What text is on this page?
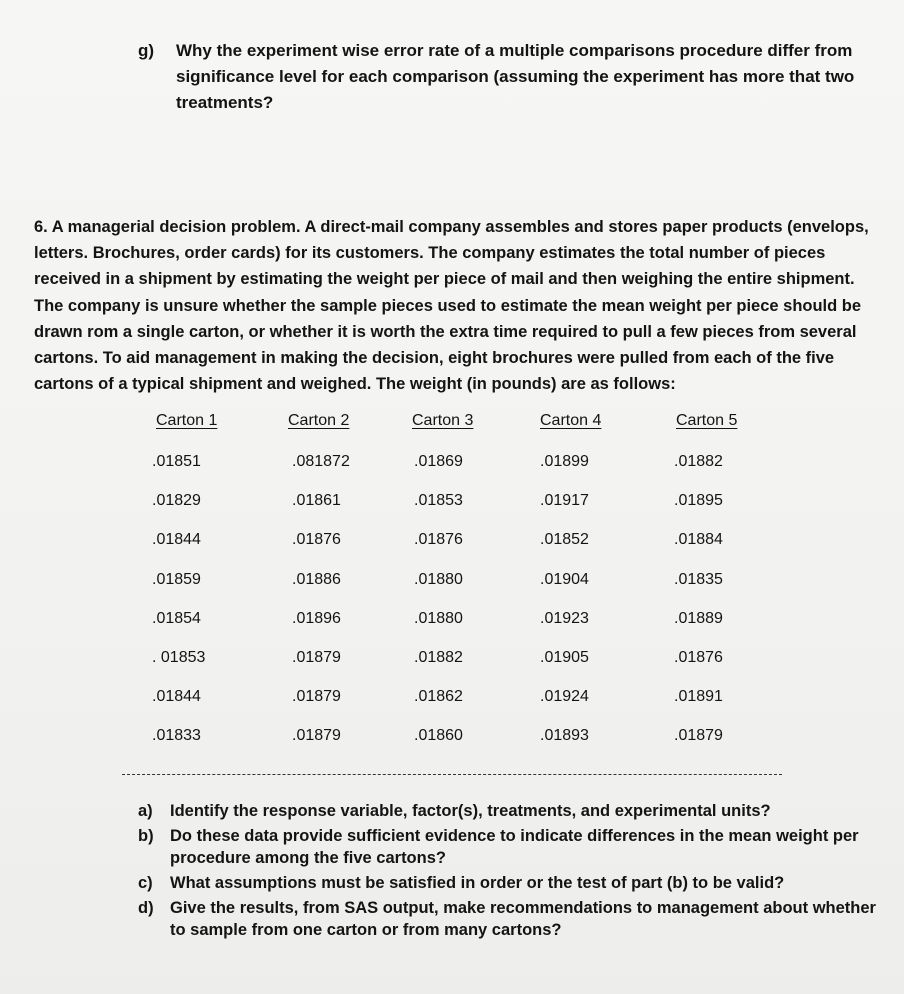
g) Why the experiment wise error rate of a multiple comparisons procedure differ from significance level for each comparison (assuming the experiment has more that two treatments?
6. A managerial decision problem. A direct-mail company assembles and stores paper products (envelops, letters. Brochures, order cards) for its customers. The company estimates the total number of pieces received in a shipment by estimating the weight per piece of mail and then weighing the entire shipment. The company is unsure whether the sample pieces used to estimate the mean weight per piece should be drawn rom a single carton, or whether it is worth the extra time required to pull a few pieces from several cartons. To aid management in making the decision, eight brochures were pulled from each of the five cartons of a typical shipment and weighed. The weight (in pounds) are as follows:
Carton 1
.01851
.01829
.01844
.01859
.01854
. 01853
.01844
.01833
Carton 2
.081872
.01861
.01876
.01886
.01896
.01879
.01879
.01879
Carton 3
.01869
.01853
.01876
.01880
.01880
.01882
.01862
.01860
Carton 4
.01899
.01917
.01852
.01904
.01923
.01905
.01924
.01893
Carton 5
.01882
.01895
.01884
.01835
.01889
.01876
.01891
.01879
a) Identify the response variable, factor(s), treatments, and experimental units?
b) Do these data provide sufficient evidence to indicate differences in the mean weight per procedure among the five cartons?
c) What assumptions must be satisfied in order or the test of part (b) to be valid?
d) Give the results, from SAS output, make recommendations to management about whether to sample from one carton or from many cartons?
